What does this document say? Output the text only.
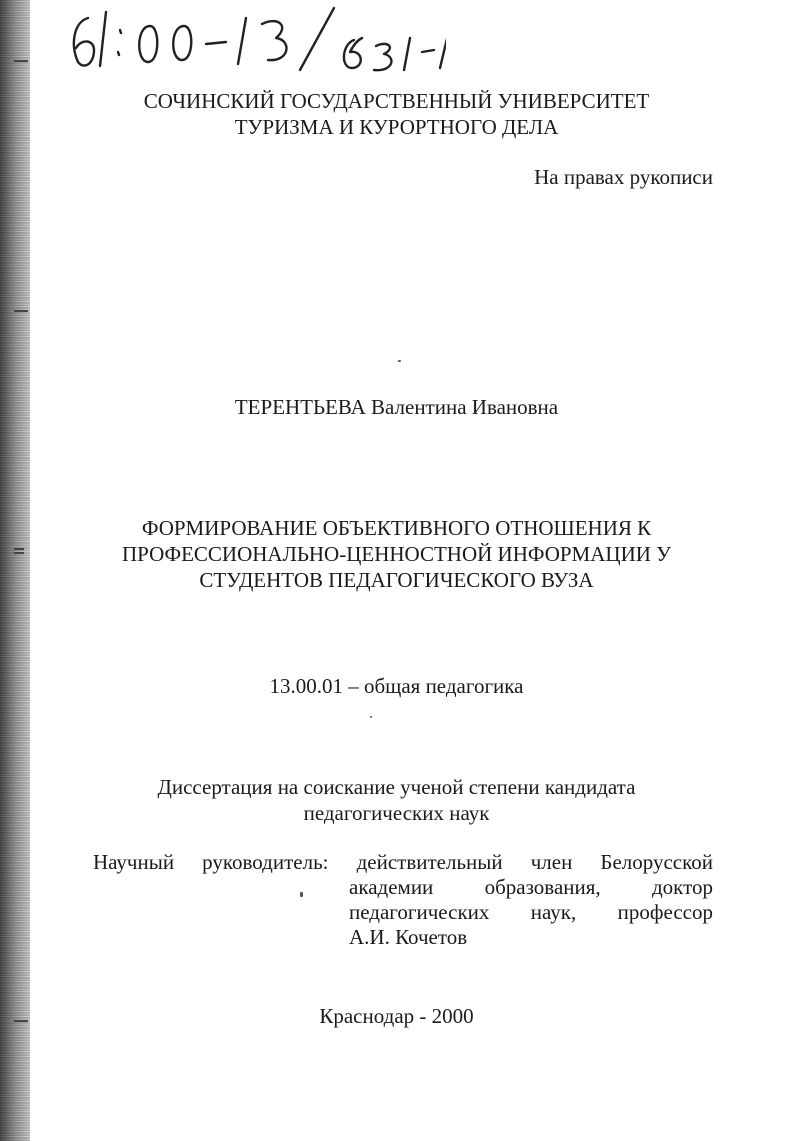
СОЧИНСКИЙ ГОСУДАРСТВЕННЫЙ УНИВЕРСИТЕТ
ТУРИЗМА И КУРОРТНОГО ДЕЛА
На правах рукописи
ТЕРЕНТЬЕВА Валентина Ивановна
ФОРМИРОВАНИЕ ОБЪЕКТИВНОГО ОТНОШЕНИЯ К
ПРОФЕССИОНАЛЬНО-ЦЕННОСТНОЙ ИНФОРМАЦИИ У
СТУДЕНТОВ ПЕДАГОГИЧЕСКОГО ВУЗА
13.00.01 – общая педагогика
Диссертация на соискание ученой степени кандидата
педагогических наук
Научный руководитель: действительный член Белорусской
академии образования, доктор
педагогических наук, профессор
А.И. Кочетов
Краснодар - 2000
